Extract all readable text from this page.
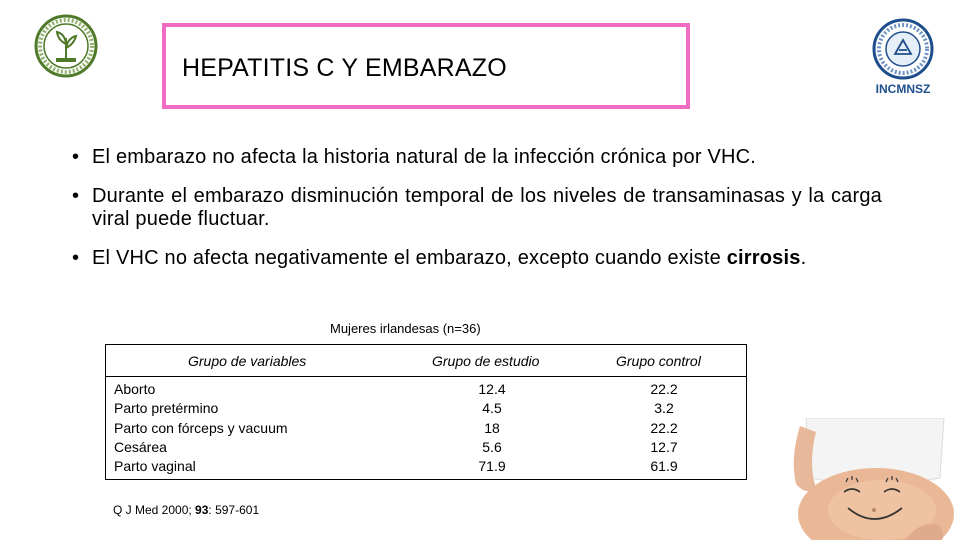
INCMNSZ
HEPATITIS C Y EMBARAZO
• El embarazo no afecta la historia natural de la infección crónica por VHC.
• Durante el embarazo disminución temporal de los niveles de transaminasas y la carga viral puede fluctuar.
• El VHC no afecta negativamente el embarazo, excepto cuando existe cirrosis.
Mujeres irlandesas (n=36)
Grupo de variables	Grupo de estudio	Grupo control
Aborto
Parto pretérmino
Parto con fórceps y vacuum
Cesárea
Parto vaginal
12.4
4.5
18
5.6
71.9
22.2
3.2
22.2
12.7
61.9
Q J Med 2000; 93: 597-601
